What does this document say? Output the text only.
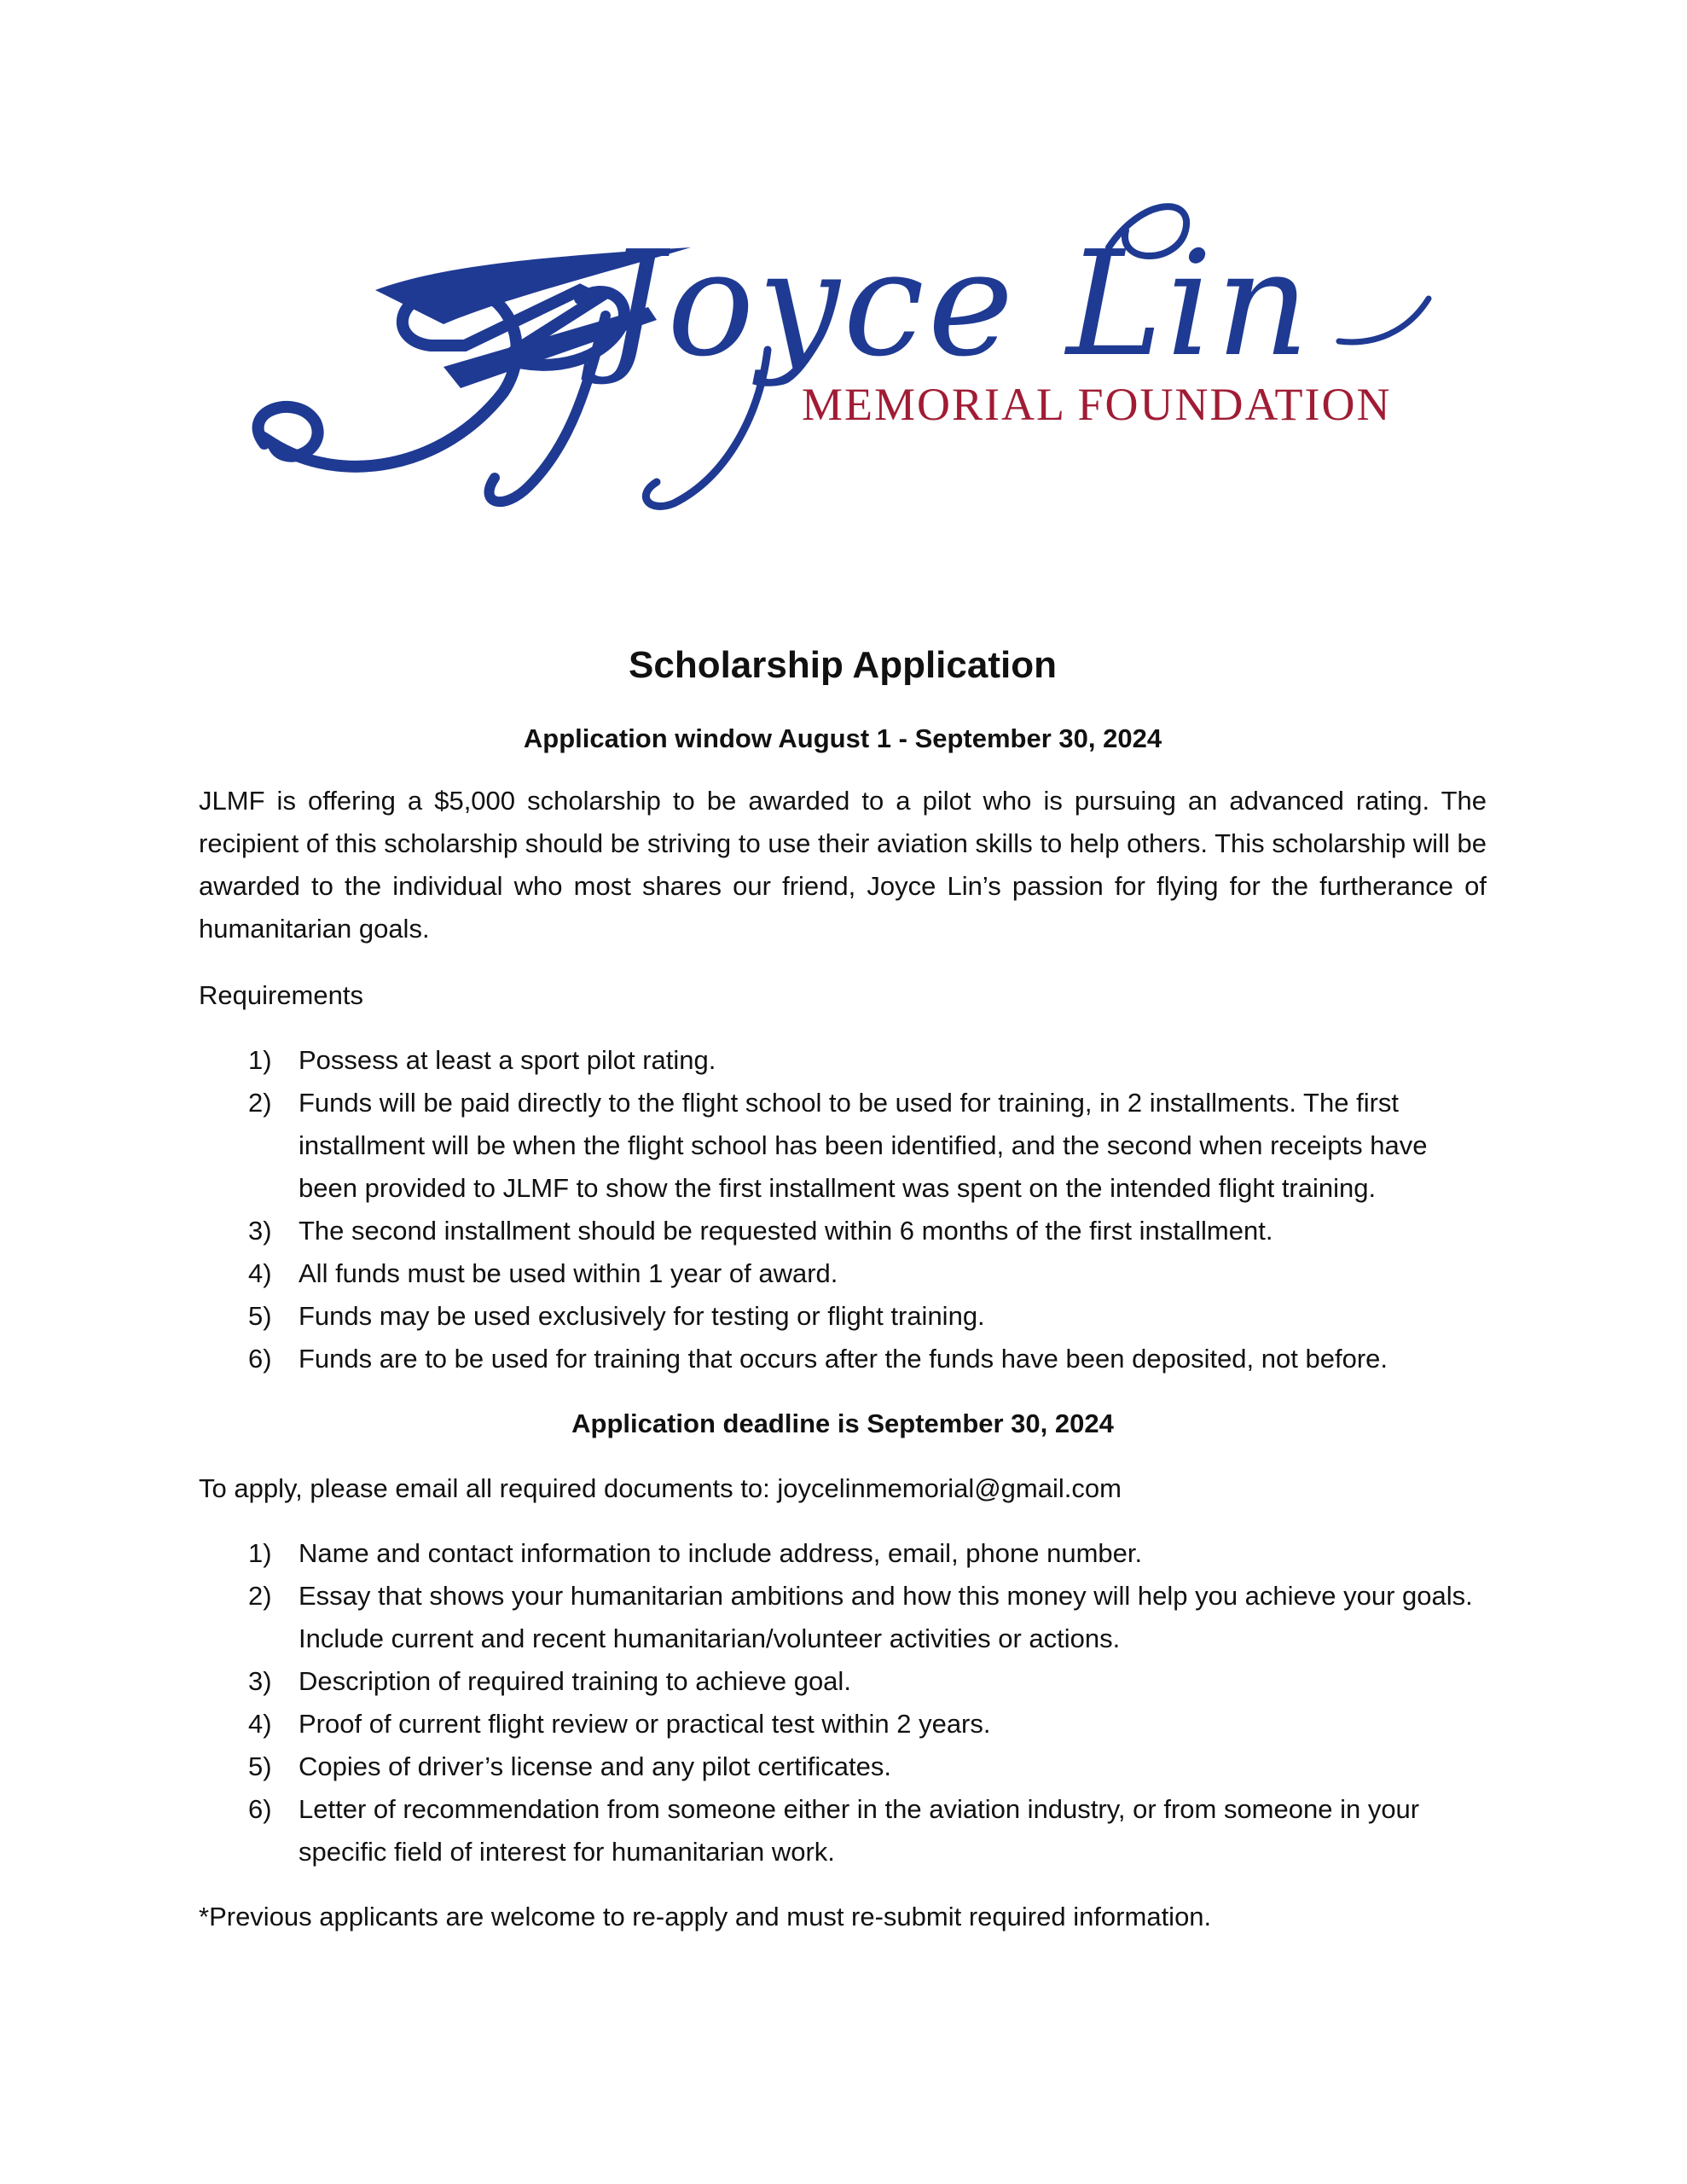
Joyce Lin
MEMORIAL FOUNDATION
Scholarship Application

Application window August 1 - September 30, 2024

JLMF is offering a $5,000 scholarship to be awarded to a pilot who is pursuing an advanced rating. The recipient of this scholarship should be striving to use their aviation skills to help others. This scholarship will be awarded to the individual who most shares our friend, Joyce Lin’s passion for flying for the furtherance of humanitarian goals.

Requirements

1) Possess at least a sport pilot rating.
2) Funds will be paid directly to the flight school to be used for training, in 2 installments. The first installment will be when the flight school has been identified, and the second when receipts have been provided to JLMF to show the first installment was spent on the intended flight training.
3) The second installment should be requested within 6 months of the first installment.
4) All funds must be used within 1 year of award.
5) Funds may be used exclusively for testing or flight training.
6) Funds are to be used for training that occurs after the funds have been deposited, not before.

Application deadline is September 30, 2024

To apply, please email all required documents to: joycelinmemorial@gmail.com

1) Name and contact information to include address, email, phone number.
2) Essay that shows your humanitarian ambitions and how this money will help you achieve your goals. Include current and recent humanitarian/volunteer activities or actions.
3) Description of required training to achieve goal.
4) Proof of current flight review or practical test within 2 years.
5) Copies of driver’s license and any pilot certificates.
6) Letter of recommendation from someone either in the aviation industry, or from someone in your specific field of interest for humanitarian work.

*Previous applicants are welcome to re-apply and must re-submit required information.
